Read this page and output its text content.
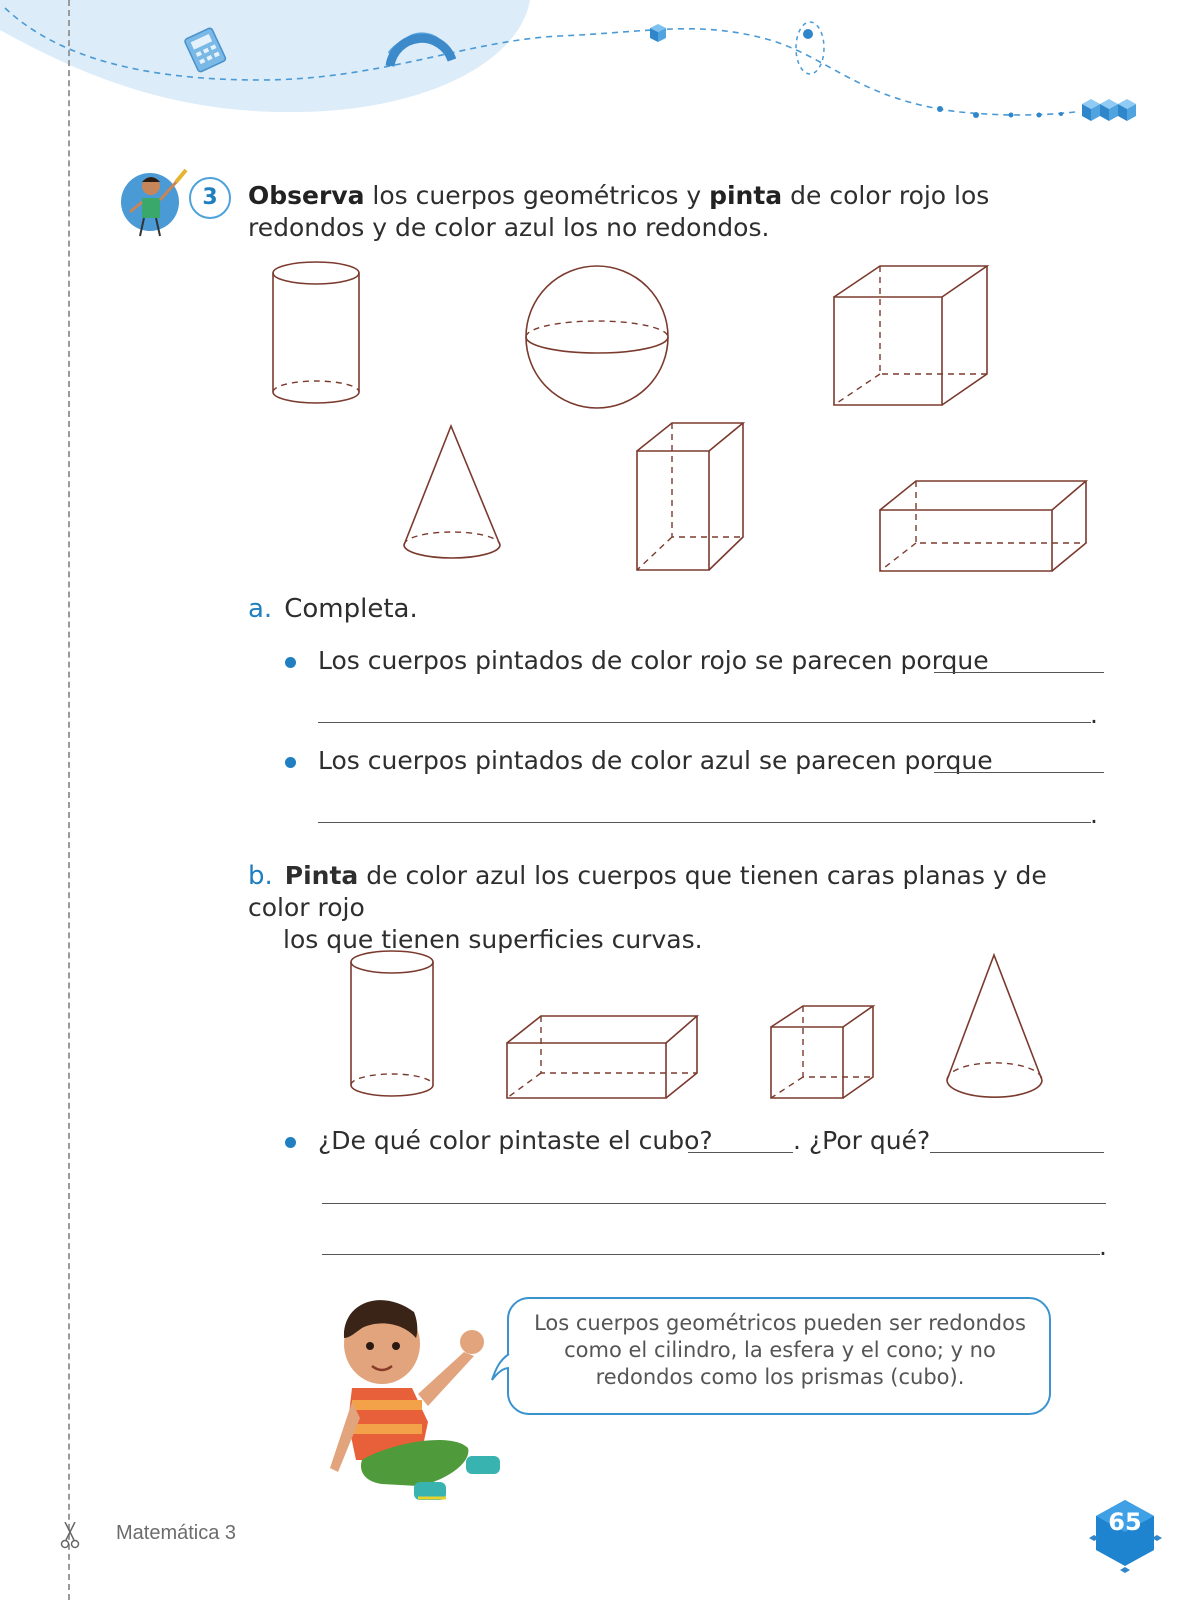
3	Observa los cuerpos geométricos y pinta de color rojo los redondos y de color azul los no redondos.
a. Completa.
Los cuerpos pintados de color rojo se parecen porque
.
Los cuerpos pintados de color azul se parecen porque
.
b. Pinta de color azul los cuerpos que tienen caras planas y de color rojo
los que tienen superficies curvas.
¿De qué color pintaste el cubo?	. ¿Por qué?
.
Los cuerpos geométricos pueden ser redondos como el cilindro, la esfera y el cono; y no redondos como los prismas (cubo).
Matemática 3	65
